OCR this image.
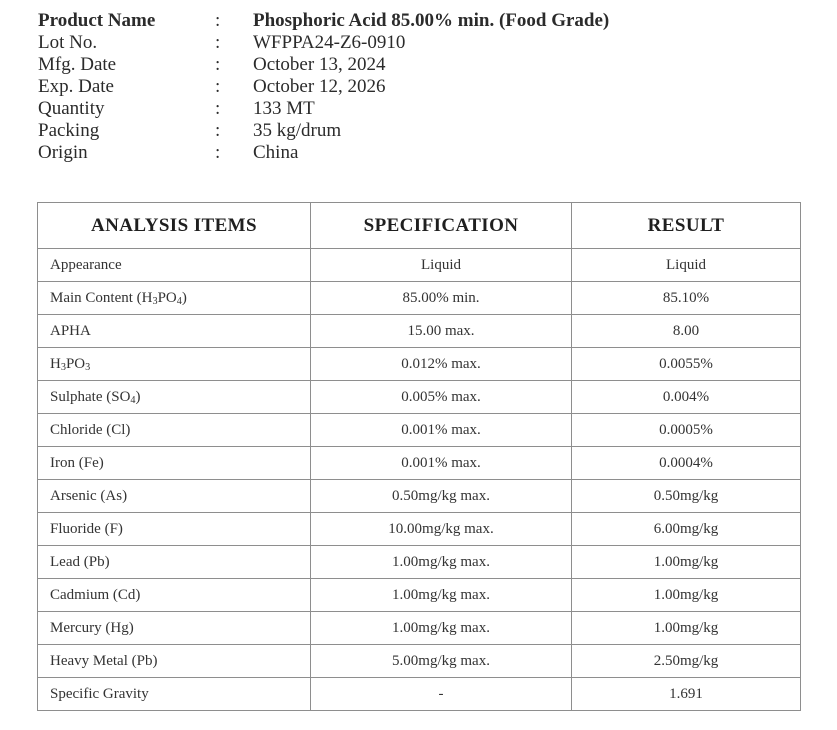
Product Name	:	Phosphoric Acid 85.00% min. (Food Grade)
Lot No.	:	WFPPA24-Z6-0910
Mfg. Date	:	October 13, 2024
Exp. Date	:	October 12, 2026
Quantity	:	133 MT
Packing	:	35 kg/drum
Origin	:	China
ANALYSIS ITEMS	SPECIFICATION	RESULT
Appearance	Liquid	Liquid
Main Content $(H_3PO_4)$	85.00% min.	85.10%
APHA	15.00 max.	8.00
$H_3PO_3$	0.012% max.	0.0055%
Sulphate $(SO_4)$	0.005% max.	0.004%
Chloride (Cl)	0.001% max.	0.0005%
Iron (Fe)	0.001% max.	0.0004%
Arsenic (As)	0.50mg/kg max.	0.50mg/kg
Fluoride (F)	10.00mg/kg max.	6.00mg/kg
Lead (Pb)	1.00mg/kg max.	1.00mg/kg
Cadmium (Cd)	1.00mg/kg max.	1.00mg/kg
Mercury (Hg)	1.00mg/kg max.	1.00mg/kg
Heavy Metal (Pb)	5.00mg/kg max.	2.50mg/kg
Specific Gravity	-	1.691
